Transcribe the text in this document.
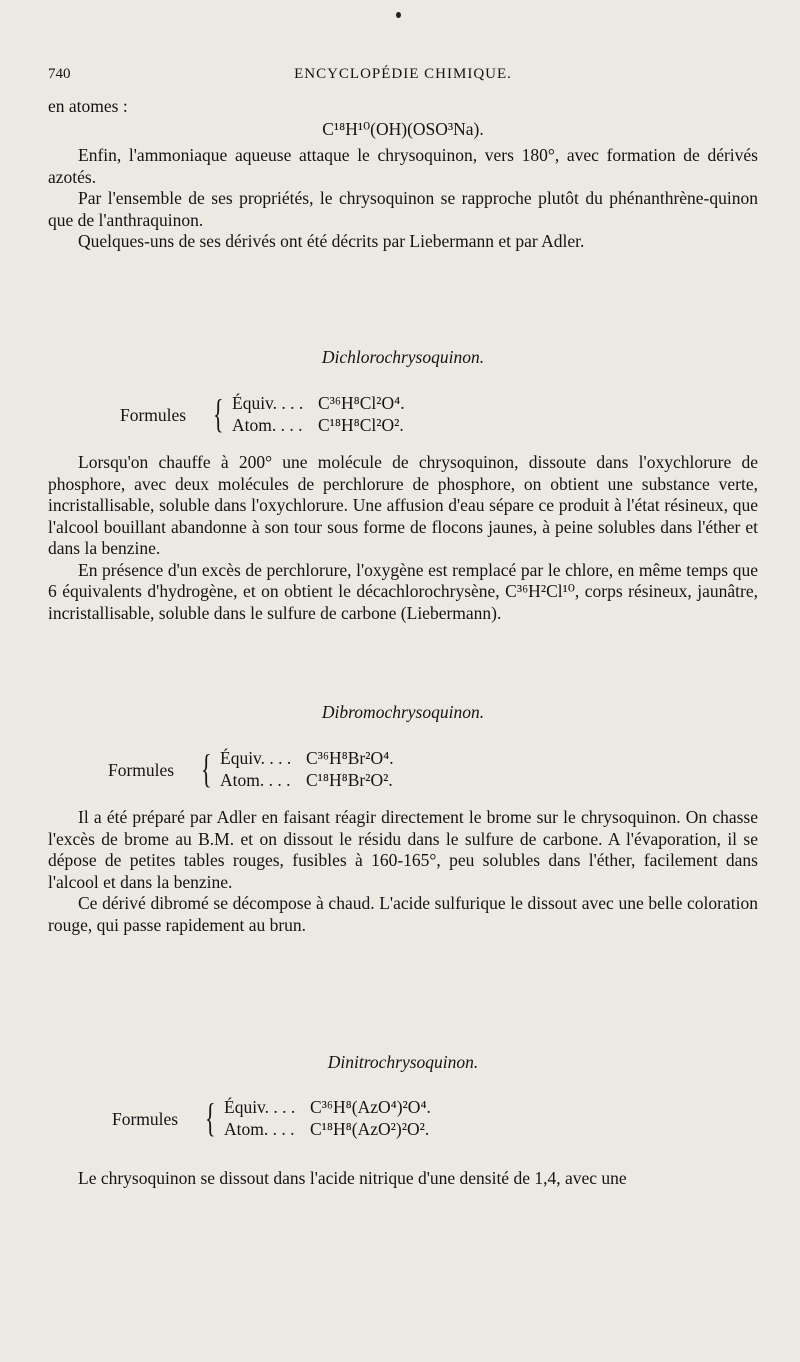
740	ENCYCLOPÉDIE CHIMIQUE.

en atomes :

C¹⁸H¹⁰(OH)(OSO³Na).

Enfin, l'ammoniaque aqueuse attaque le chrysoquinon, vers 180°, avec formation de dérivés azotés.

Par l'ensemble de ses propriétés, le chrysoquinon se rapproche plutôt du phénanthrène-quinon que de l'anthraquinon.

Quelques-uns de ses dérivés ont été décrits par Liebermann et par Adler.

Dichlorochrysoquinon.
Formules { Équiv. . . . C³⁶H⁸Cl²O⁴.
Atom. . . . C¹⁸H⁸Cl²O².

Lorsqu'on chauffe à 200° une molécule de chrysoquinon, dissoute dans l'oxychlorure de phosphore, avec deux molécules de perchlorure de phosphore, on obtient une substance verte, incristallisable, soluble dans l'oxychlorure. Une affusion d'eau sépare ce produit à l'état résineux, que l'alcool bouillant abandonne à son tour sous forme de flocons jaunes, à peine solubles dans l'éther et dans la benzine.

En présence d'un excès de perchlorure, l'oxygène est remplacé par le chlore, en même temps que 6 équivalents d'hydrogène, et on obtient le décachlorochrysène, C³⁶H²Cl¹⁰, corps résineux, jaunâtre, incristallisable, soluble dans le sulfure de carbone (Liebermann).

Dibromochrysoquinon.
Formules { Équiv. . . . C³⁶H⁸Br²O⁴.
Atom. . . . C¹⁸H⁸Br²O².

Il a été préparé par Adler en faisant réagir directement le brome sur le chrysoquinon. On chasse l'excès de brome au B.M. et on dissout le résidu dans le sulfure de carbone. A l'évaporation, il se dépose de petites tables rouges, fusibles à 160-165°, peu solubles dans l'éther, facilement dans l'alcool et dans la benzine.

Ce dérivé dibromé se décompose à chaud. L'acide sulfurique le dissout avec une belle coloration rouge, qui passe rapidement au brun.

Dinitrochrysoquinon.
Formules { Équiv. . . . C³⁶H⁸(AzO⁴)²O⁴.
Atom. . . . C¹⁸H⁸(AzO²)²O².

Le chrysoquinon se dissout dans l'acide nitrique d'une densité de 1,4, avec une
